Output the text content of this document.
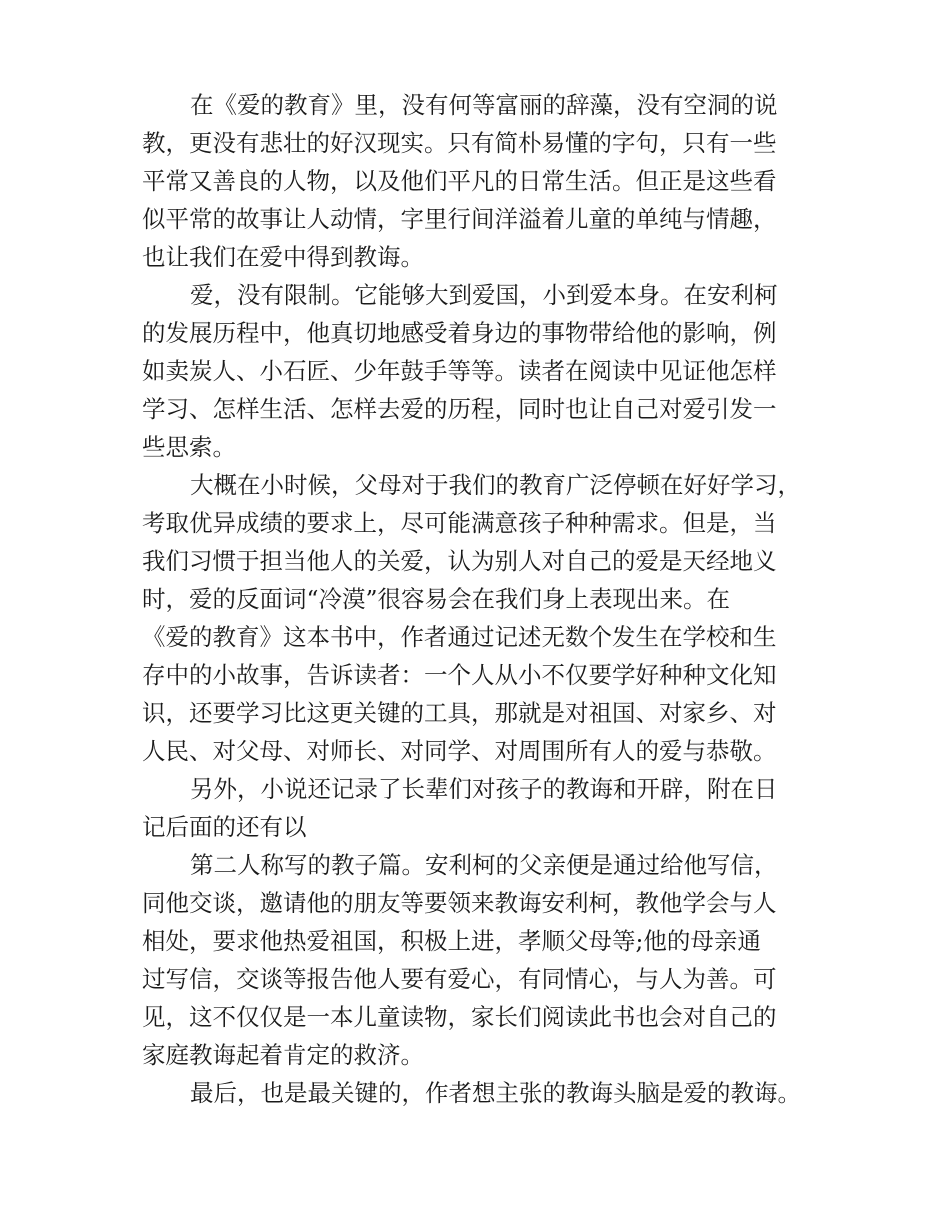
在《爱的教育》里，没有何等富丽的辞藻，没有空洞的说
教，更没有悲壮的好汉现实。只有简朴易懂的字句，只有一些
平常又善良的人物，以及他们平凡的日常生活。但正是这些看
似平常的故事让人动情，字里行间洋溢着儿童的单纯与情趣，
也让我们在爱中得到教诲。
爱，没有限制。它能够大到爱国，小到爱本身。在安利柯
的发展历程中，他真切地感受着身边的事物带给他的影响，例
如卖炭人、小石匠、少年鼓手等等。读者在阅读中见证他怎样
学习、怎样生活、怎样去爱的历程，同时也让自己对爱引发一
些思索。
大概在小时候，父母对于我们的教育广泛停顿在好好学习，
考取优异成绩的要求上，尽可能满意孩子种种需求。但是，当
我们习惯于担当他人的关爱，认为别人对自己的爱是天经地义
时，爱的反面词“冷漠”很容易会在我们身上表现出来。在
《爱的教育》这本书中，作者通过记述无数个发生在学校和生
存中的小故事，告诉读者：一个人从小不仅要学好种种文化知
识，还要学习比这更关键的工具，那就是对祖国、对家乡、对
人民、对父母、对师长、对同学、对周围所有人的爱与恭敬。
另外，小说还记录了长辈们对孩子的教诲和开辟，附在日
记后面的还有以
第二人称写的教子篇。安利柯的父亲便是通过给他写信，
同他交谈，邀请他的朋友等要领来教诲安利柯，教他学会与人
相处，要求他热爱祖国，积极上进，孝顺父母等;他的母亲通
过写信，交谈等报告他人要有爱心，有同情心，与人为善。可
见，这不仅仅是一本儿童读物，家长们阅读此书也会对自己的
家庭教诲起着肯定的救济。
最后，也是最关键的，作者想主张的教诲头脑是爱的教诲。
